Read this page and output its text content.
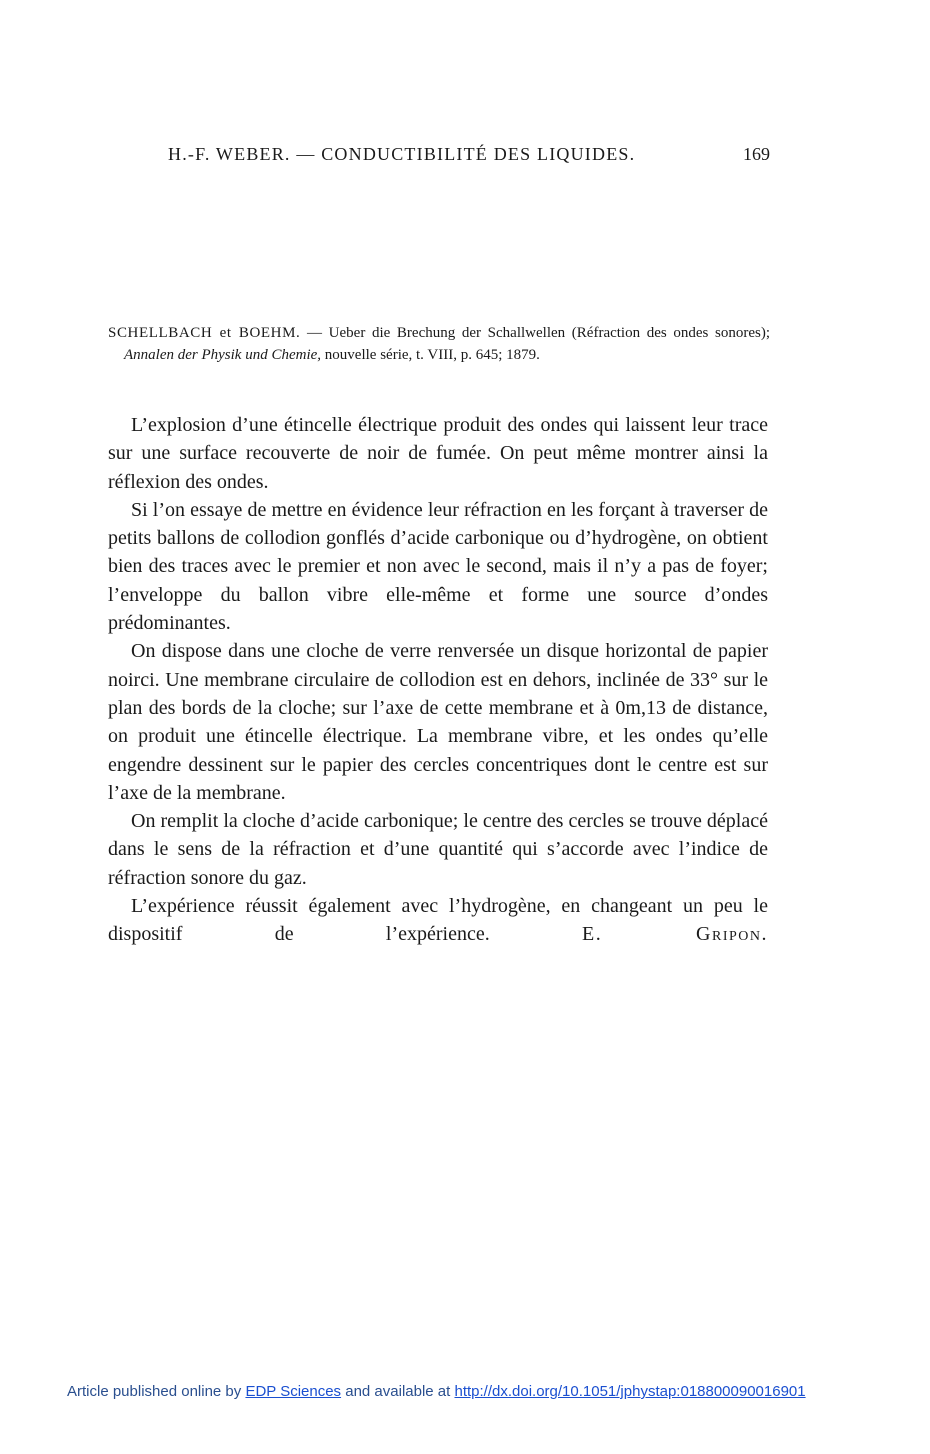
H.-F. WEBER. — CONDUCTIBILITÉ DES LIQUIDES.	169
SCHELLBACH et BOEHM. — Ueber die Brechung der Schallwellen (Réfraction des ondes sonores); Annalen der Physik und Chemie, nouvelle série, t. VIII, p. 645; 1879.

L’explosion d’une étincelle électrique produit des ondes qui laissent leur trace sur une surface recouverte de noir de fumée. On peut même montrer ainsi la réflexion des ondes.

Si l’on essaye de mettre en évidence leur réfraction en les forçant à traverser de petits ballons de collodion gonflés d’acide carbonique ou d’hydrogène, on obtient bien des traces avec le premier et non avec le second, mais il n’y a pas de foyer; l’enveloppe du ballon vibre elle-même et forme une source d’ondes prédominantes.

On dispose dans une cloche de verre renversée un disque horizontal de papier noirci. Une membrane circulaire de collodion est en dehors, inclinée de 33° sur le plan des bords de la cloche; sur l’axe de cette membrane et à 0m,13 de distance, on produit une étincelle électrique. La membrane vibre, et les ondes qu’elle engendre dessinent sur le papier des cercles concentriques dont le centre est sur l’axe de la membrane.

On remplit la cloche d’acide carbonique; le centre des cercles se trouve déplacé dans le sens de la réfraction et d’une quantité qui s’accorde avec l’indice de réfraction sonore du gaz.

L’expérience réussit également avec l’hydrogène, en changeant un peu le dispositif de l’expérience.	E. Gripon.

Article published online by EDP Sciences and available at http://dx.doi.org/10.1051/jphystap:018800090016901
